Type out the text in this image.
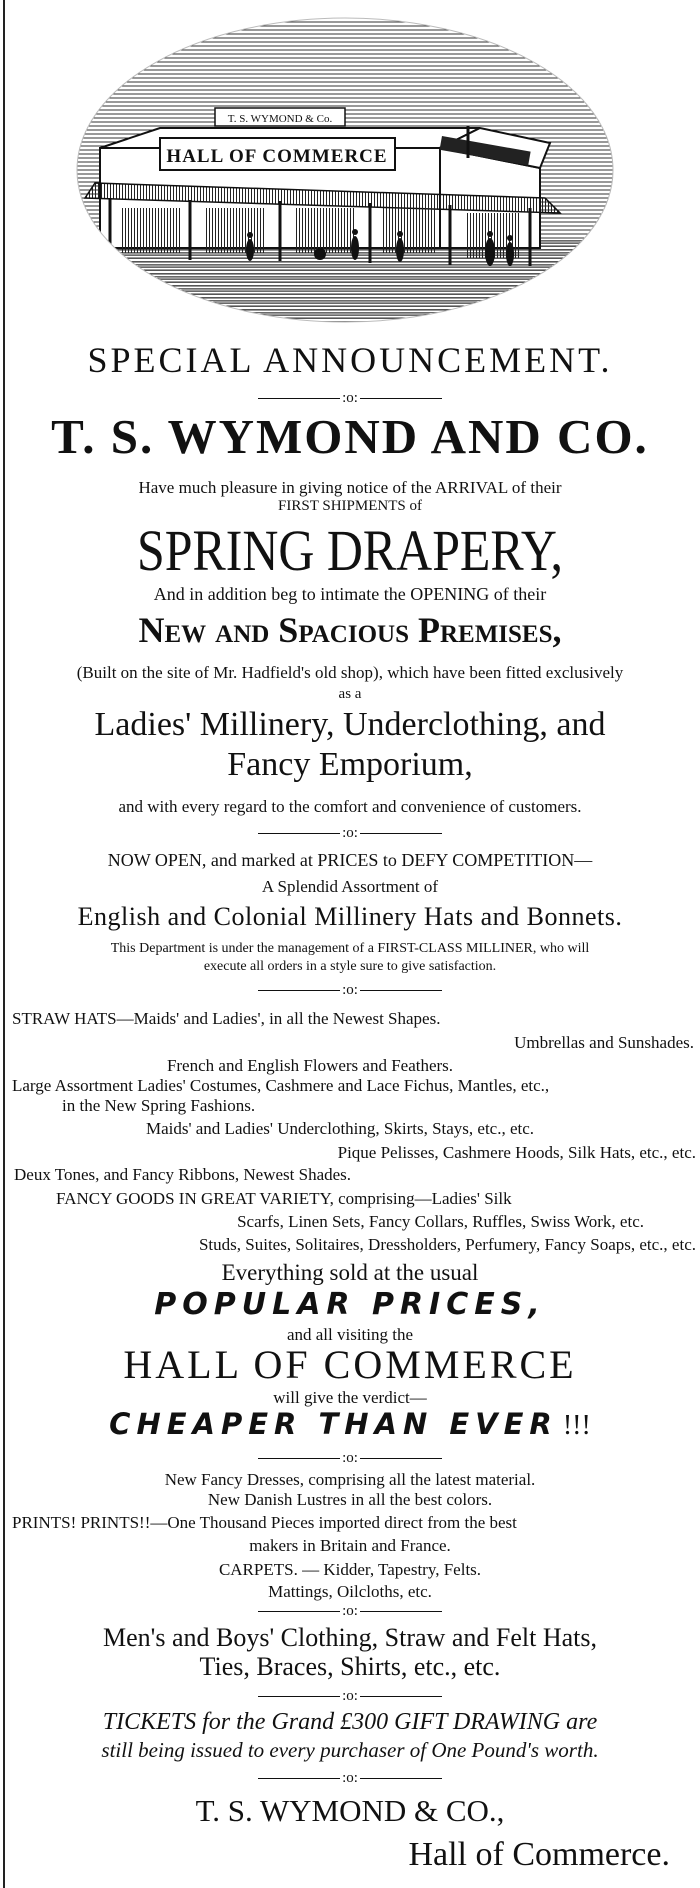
T. S. WYMOND & Co.
HALL OF COMMERCE
SPECIAL ANNOUNCEMENT.
:o:
T. S. WYMOND AND CO.
Have much pleasure in giving notice of the ARRIVAL of their
FIRST SHIPMENTS of
SPRING DRAPERY,
And in addition beg to intimate the OPENING of their
New and Spacious Premises,
(Built on the site of Mr. Hadfield's old shop), which have been fitted exclusively
as a
Ladies' Millinery, Underclothing, and
Fancy Emporium,
and with every regard to the comfort and convenience of customers.
:o:
NOW OPEN, and marked at PRICES to DEFY COMPETITION—
A Splendid Assortment of
English and Colonial Millinery Hats and Bonnets.
This Department is under the management of a FIRST-CLASS MILLINER, who will
execute all orders in a style sure to give satisfaction.
:o:
STRAW HATS—Maids' and Ladies', in all the Newest Shapes.
Umbrellas and Sunshades.
French and English Flowers and Feathers.
Large Assortment Ladies' Costumes, Cashmere and Lace Fichus, Mantles, etc.,
in the New Spring Fashions.
Maids' and Ladies' Underclothing, Skirts, Stays, etc., etc.
Pique Pelisses, Cashmere Hoods, Silk Hats, etc., etc.
Deux Tones, and Fancy Ribbons, Newest Shades.
FANCY GOODS IN GREAT VARIETY, comprising—Ladies' Silk
Scarfs, Linen Sets, Fancy Collars, Ruffles, Swiss Work, etc.
Studs, Suites, Solitaires, Dressholders, Perfumery, Fancy Soaps, etc., etc.
Everything sold at the usual
POPULAR PRICES,
and all visiting the
HALL OF COMMERCE
will give the verdict—
CHEAPER THAN EVER !!!
:o:
New Fancy Dresses, comprising all the latest material.
New Danish Lustres in all the best colors.
PRINTS! PRINTS!!—One Thousand Pieces imported direct from the best
makers in Britain and France.
CARPETS. — Kidder, Tapestry, Felts.
Mattings, Oilcloths, etc.
:o:
Men's and Boys' Clothing, Straw and Felt Hats,
Ties, Braces, Shirts, etc., etc.
:o:
TICKETS for the Grand £300 GIFT DRAWING are
still being issued to every purchaser of One Pound's worth.
:o:
T. S. WYMOND & CO.,
Hall of Commerce.
